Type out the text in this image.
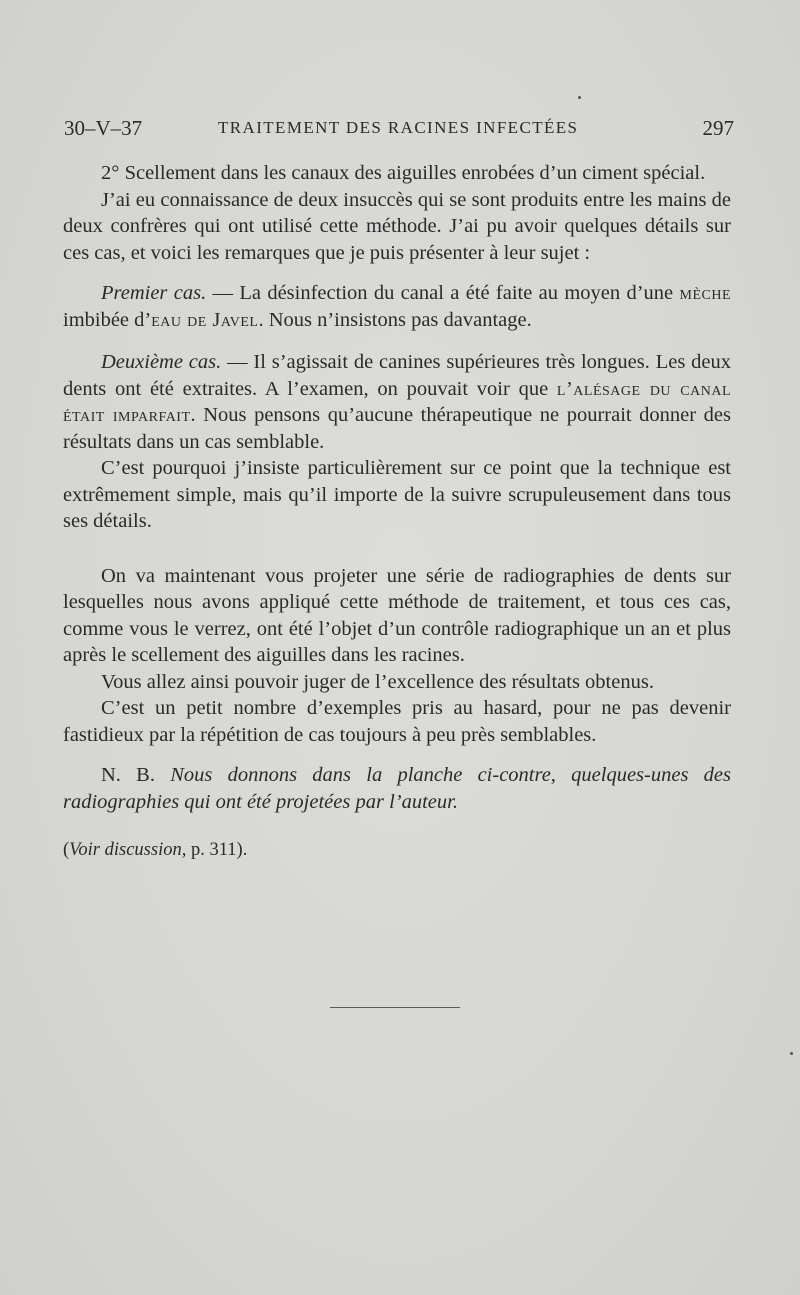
30–V–37	TRAITEMENT DES RACINES INFECTÉES	297

2° Scellement dans les canaux des aiguilles enrobées d’un ciment spécial.

J’ai eu connaissance de deux insuccès qui se sont produits entre les mains de deux confrères qui ont utilisé cette méthode. J’ai pu avoir quelques détails sur ces cas, et voici les remarques que je puis présenter à leur sujet :

Premier cas. — La désinfection du canal a été faite au moyen d’une mèche imbibée d’eau de Javel. Nous n’insistons pas davantage.

Deuxième cas. — Il s’agissait de canines supérieures très longues. Les deux dents ont été extraites. A l’examen, on pouvait voir que l’alésage du canal était imparfait. Nous pensons qu’aucune thérapeutique ne pourrait donner des résultats dans un cas semblable.

C’est pourquoi j’insiste particulièrement sur ce point que la technique est extrêmement simple, mais qu’il importe de la suivre scrupuleusement dans tous ses détails.

On va maintenant vous projeter une série de radiographies de dents sur lesquelles nous avons appliqué cette méthode de traitement, et tous ces cas, comme vous le verrez, ont été l’objet d’un contrôle radiographique un an et plus après le scellement des aiguilles dans les racines.

Vous allez ainsi pouvoir juger de l’excellence des résultats obtenus.

C’est un petit nombre d’exemples pris au hasard, pour ne pas devenir fastidieux par la répétition de cas toujours à peu près semblables.

N. B. Nous donnons dans la planche ci-contre, quelques-unes des radiographies qui ont été projetées par l’auteur.

(Voir discussion, p. 311).
